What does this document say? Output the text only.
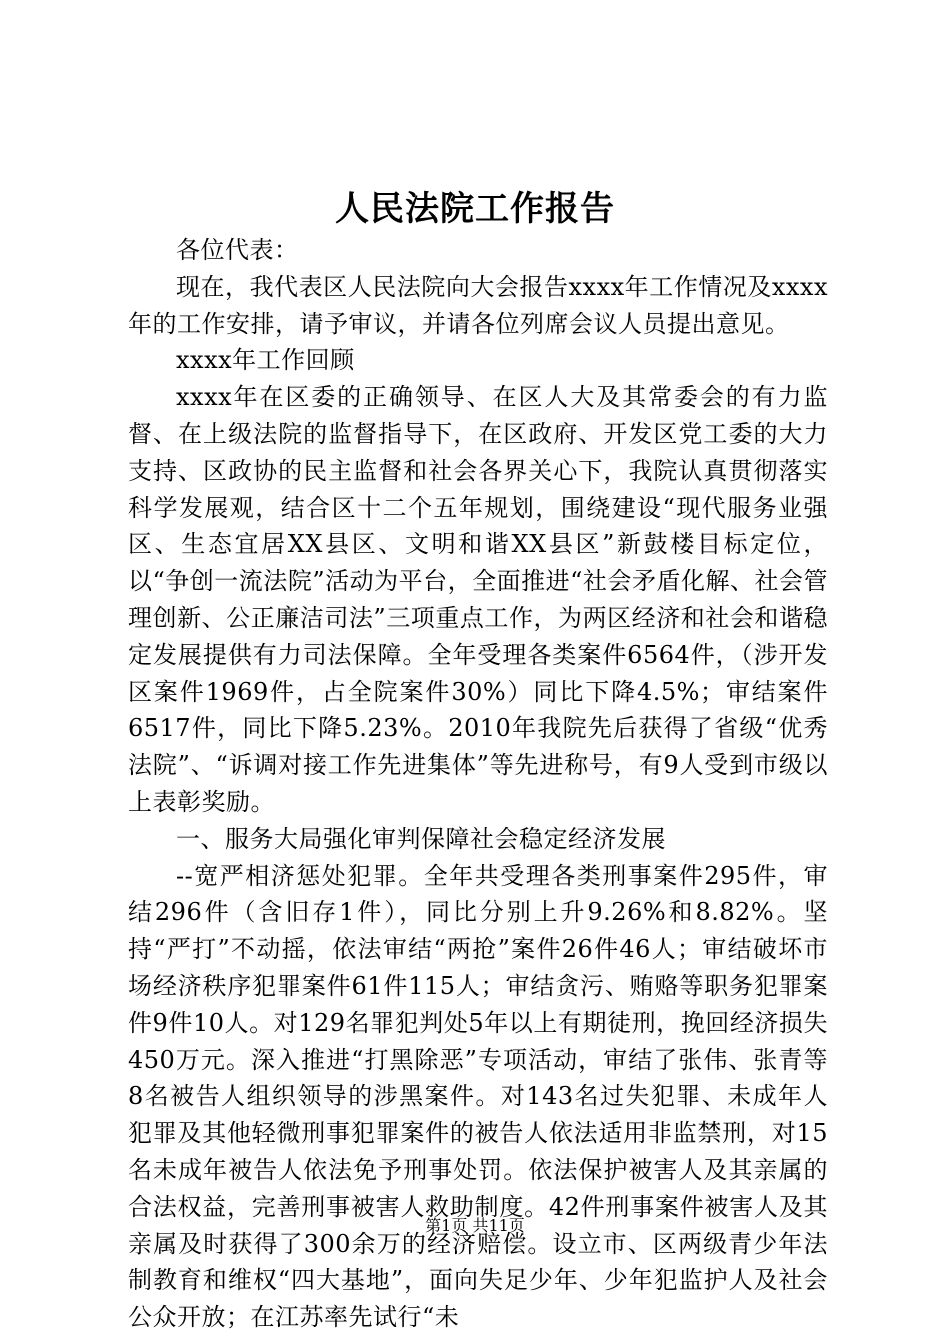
人民法院工作报告

各位代表：

现在，我代表区人民法院向大会报告xxxx年工作情况及xxxx年的工作安排，请予审议，并请各位列席会议人员提出意见。

xxxx年工作回顾

xxxx年在区委的正确领导、在区人大及其常委会的有力监督、在上级法院的监督指导下，在区政府、开发区党工委的大力支持、区政协的民主监督和社会各界关心下，我院认真贯彻落实科学发展观，结合区十二个五年规划，围绕建设“现代服务业强区、生态宜居XX县区、文明和谐XX县区”新鼓楼目标定位，以“争创一流法院”活动为平台，全面推进“社会矛盾化解、社会管理创新、公正廉洁司法”三项重点工作，为两区经济和社会和谐稳定发展提供有力司法保障。全年受理各类案件6564件，（涉开发区案件1969件，占全院案件30%）同比下降4.5%；审结案件6517件，同比下降5.23%。2010年我院先后获得了省级“优秀法院”、“诉调对接工作先进集体”等先进称号，有9人受到市级以上表彰奖励。

一、服务大局强化审判保障社会稳定经济发展

--宽严相济惩处犯罪。全年共受理各类刑事案件295件，审结296件（含旧存1件），同比分别上升9.26%和8.82%。坚持“严打”不动摇，依法审结“两抢”案件26件46人；审结破坏市场经济秩序犯罪案件61件115人；审结贪污、贿赂等职务犯罪案件9件10人。对129名罪犯判处5年以上有期徒刑，挽回经济损失450万元。深入推进“打黑除恶”专项活动，审结了张伟、张青等8名被告人组织领导的涉黑案件。对143名过失犯罪、未成年人犯罪及其他轻微刑事犯罪案件的被告人依法适用非监禁刑，对15名未成年被告人依法免予刑事处罚。依法保护被害人及其亲属的合法权益，完善刑事被害人救助制度。42件刑事案件被害人及其亲属及时获得了300余万的经济赔偿。设立市、区两级青少年法制教育和维权“四大基地”，面向失足少年、少年犯监护人及社会公众开放；在江苏率先试行“未

第1页 共11页
